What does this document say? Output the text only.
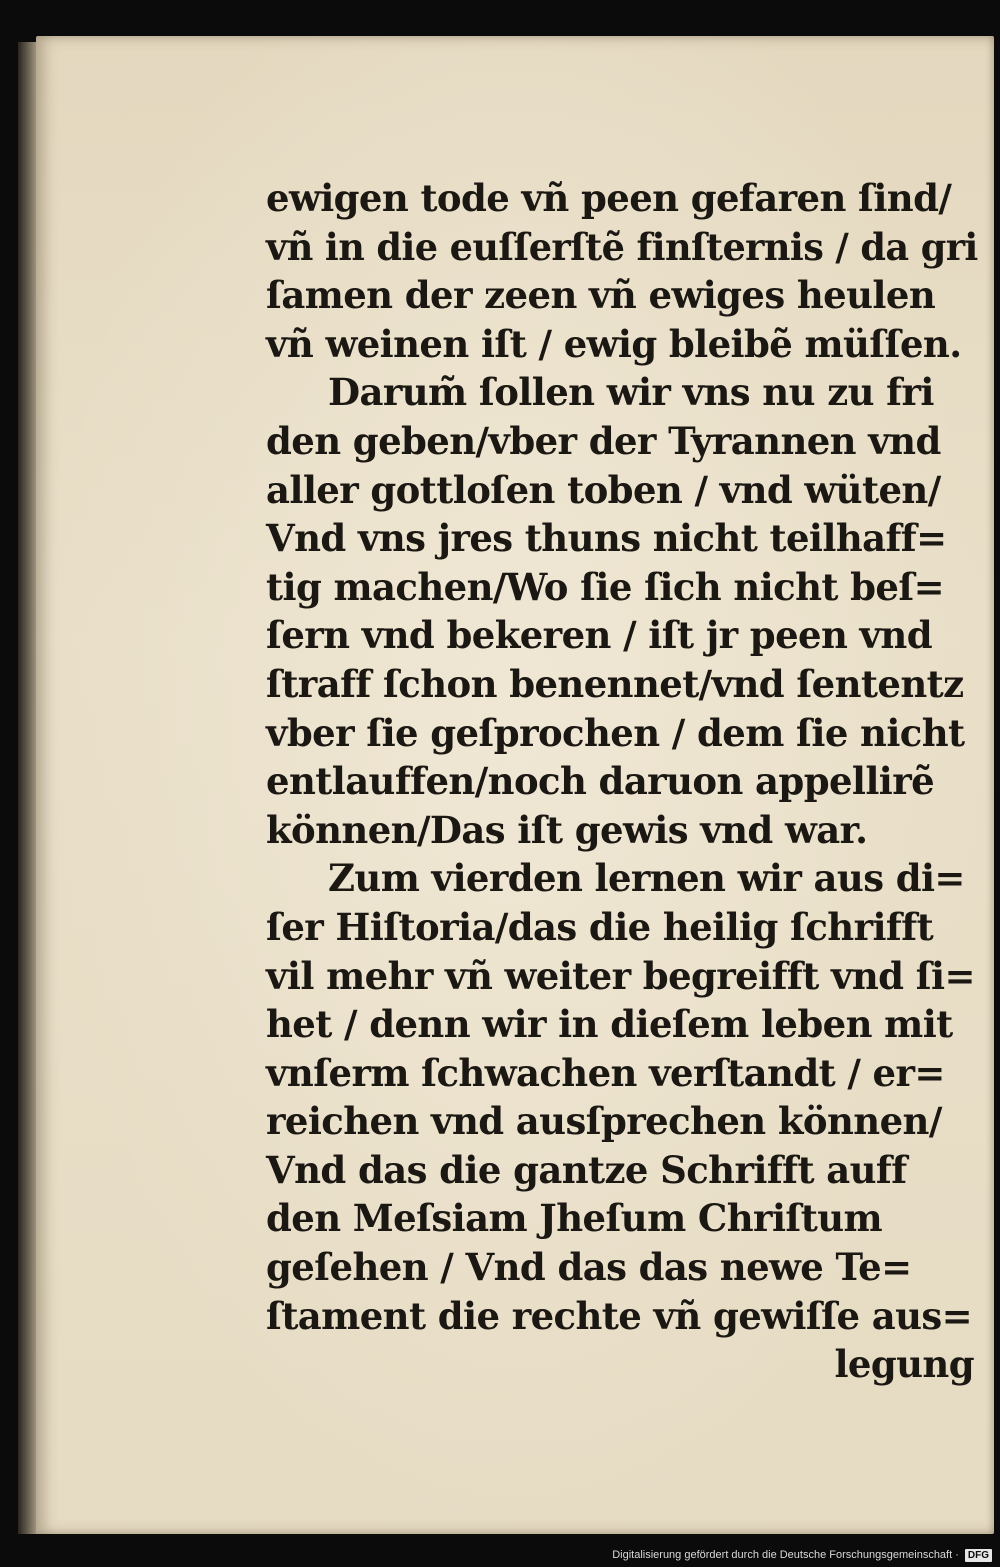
ewigen tode vñ peen gefaren ſind/
vñ in die euſſerſtẽ finſternis / da gri
ſamen der zeen vñ ewiges heulen
vñ weinen iſt / ewig bleibẽ müſſen.
Darum̃ ſollen wir vns nu zu fri
den geben/vber der Tyrannen vnd
aller gottloſen toben / vnd wüten/
Vnd vns jres thuns nicht teilhaff=
tig machen/Wo ſie ſich nicht beſ=
ſern vnd bekeren / iſt jr peen vnd
ſtraff ſchon benennet/vnd ſententz
vber ſie geſprochen / dem ſie nicht
entlauffen/noch daruon appellirẽ
können/Das iſt gewis vnd war.
Zum vierden lernen wir aus di=
ſer Hiſtoria/das die heilig ſchrifft
vil mehr vñ weiter begreifft vnd ſi=
het / denn wir in dieſem leben mit
vnſerm ſchwachen verſtandt / er=
reichen vnd ausſprechen können/
Vnd das die gantze Schrifft auff
den Meſsiam Jheſum Chriſtum
geſehen / Vnd das das newe Te=
ſtament die rechte vñ gewiſſe aus=
legung
Digitalisierung gefördert durch die Deutsche Forschungsgemeinschaft · DFG
